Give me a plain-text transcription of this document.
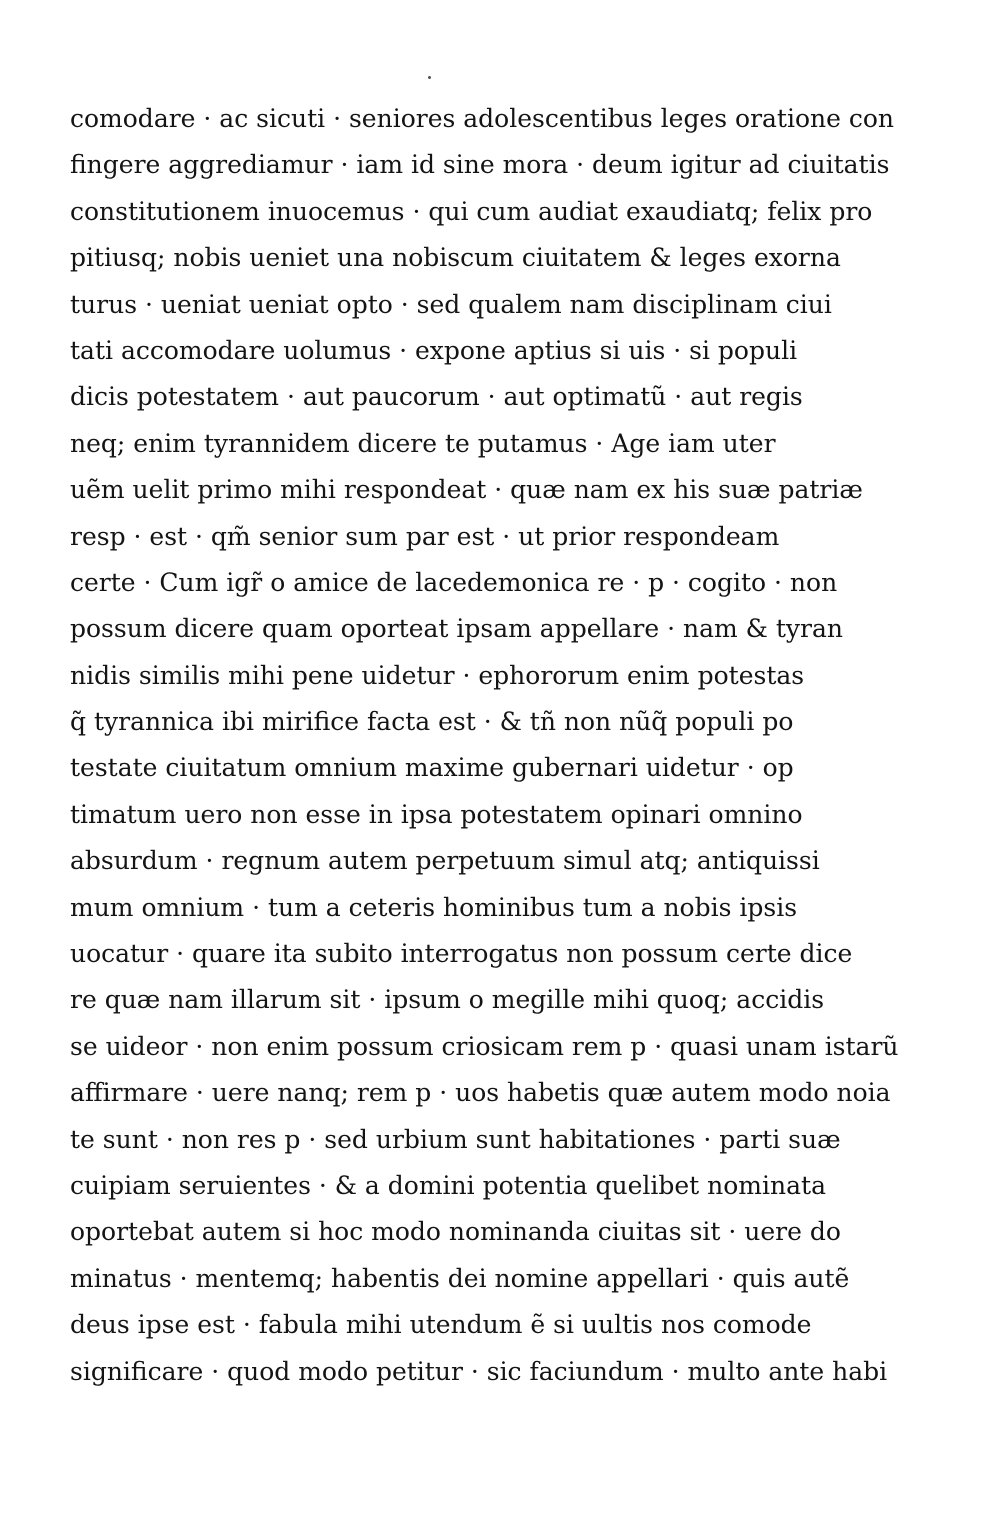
comodare · ac sicuti · seniores adolescentibus leges oratione con
fingere aggrediamur · iam id sine mora · deum igitur ad ciuitatis
constitutionem inuocemus · qui cum audiat exaudiatq; felix pro
pitiusq; nobis ueniet una nobiscum ciuitatem & leges exorna
turus · ueniat ueniat opto · sed qualem nam disciplinam ciui
tati accomodare uolumus · expone aptius si uis · si populi
dicis potestatem · aut paucorum · aut optimatũ · aut regis
neq; enim tyrannidem dicere te putamus · Age iam uter
uẽm uelit primo mihi respondeat · quæ nam ex his suæ patriæ
resp · est · qm̃ senior sum par est · ut prior respondeam
certe · Cum igr̃ o amice de lacedemonica re · p · cogito · non
possum dicere quam oporteat ipsam appellare · nam & tyran
nidis similis mihi pene uidetur · ephororum enim potestas
q̃ tyrannica ibi mirifice facta est · & tñ non nũq̃ populi po
testate ciuitatum omnium maxime gubernari uidetur · op
timatum uero non esse in ipsa potestatem opinari omnino
absurdum · regnum autem perpetuum simul atq; antiquissi
mum omnium · tum a ceteris hominibus tum a nobis ipsis
uocatur · quare ita subito interrogatus non possum certe dice
re quæ nam illarum sit · ipsum o megille mihi quoq; accidis
se uideor · non enim possum criosicam rem p · quasi unam istarũ
affirmare · uere nanq; rem p · uos habetis quæ autem modo noia
te sunt · non res p · sed urbium sunt habitationes · parti suæ
cuipiam seruientes · & a domini potentia quelibet nominata
oportebat autem si hoc modo nominanda ciuitas sit · uere do
minatus · mentemq; habentis dei nomine appellari · quis autẽ
deus ipse est · fabula mihi utendum ẽ si uultis nos comode
significare · quod modo petitur · sic faciundum · multo ante habi
